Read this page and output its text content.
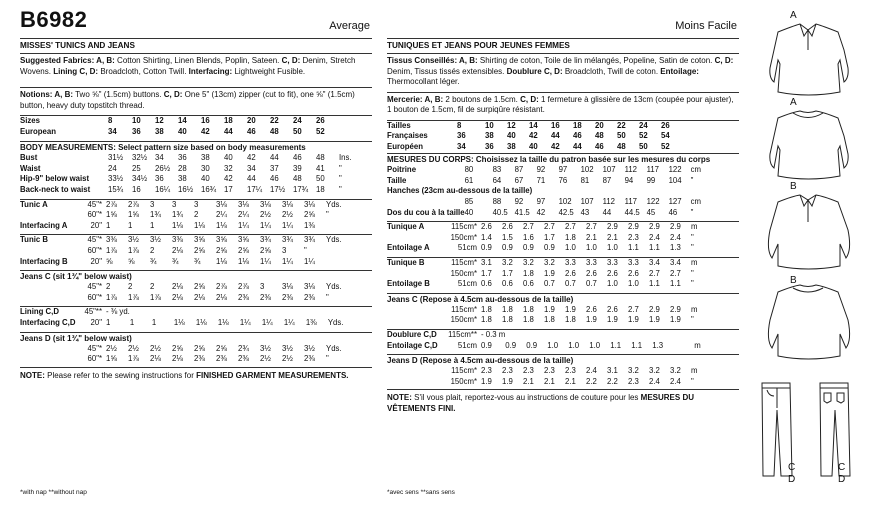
B6982	Average
MISSES' TUNICS AND JEANS
Suggested Fabrics: A, B: Cotton Shirting, Linen Blends, Poplin, Sateen. C, D: Denim, Stretch Wovens. Lining C, D: Broadcloth, Cotton Twill. Interfacing: Lightweight Fusible.
Notions: A, B: Two ⅝" (1.5cm) buttons. C, D: One 5" (13cm) zipper (cut to fit), one ⅝" (1.5cm) button, heavy duty topstitch thread.
Sizes	8	10	12	14	16	18	20	22	24	26
European	34	36	38	40	42	44	46	48	50	52
BODY MEASUREMENTS: Select pattern size based on body measurements
Bust	31½	32½	34	36	38	40	42	44	46	48	Ins.
Waist	24	25	26½	28	30	32	34	37	39	41	"
Hip-9" below waist	33½	34½	36	38	40	42	44	46	48	50	"
Back-neck to waist	15¾	16	16¼	16½	16¾	17	17¼	17½	17¾	18	"
Tunic A	45"*	2⅞	2⅞	3	3	3	3⅛	3⅛	3⅛	3⅛	3⅛	Yds.
	60"*	1⅝	1⅝	1¾	1¾	2	2¼	2¼	2½	2½	2⅝	"
Interfacing A	20"	1	1	1	1⅛	1⅛	1⅛	1¼	1¼	1¼	1⅜	
Tunic B	45"*	3⅜	3½	3½	3⅜	3⅝	3⅝	3⅝	3¾	3¾	3¾	Yds.
	60"*	1⅞	1⅞	2	2⅛	2⅝	2⅝	2⅝	2⅝	3	"	
Interfacing B	20"	⅝	⅝	¾	¾	¾	1⅛	1⅛	1¼	1¼	1¼	
Jeans C (sit 1¾" below waist)
	45"*	2	2	2	2⅛	2⅝	2⅞	2⅞	3	3⅛	3⅛	Yds.
	60"*	1⅞	1⅞	1⅞	2⅛	2⅛	2⅛	2⅜	2⅜	2⅜	2⅜	"
Lining C,D	45"**	- ⅜ yd.										
Interfacing C,D	20"	1	1	1	1⅛	1⅛	1⅛	1¼	1¼	1¼	1⅜	Yds.
Jeans D (sit 1¾" below waist)
	45"*	2½	2½	2½	2⅝	2⅝	2⅝	2¾	3½	3½	3½	Yds.
	60"*	1⅝	1⅞	2⅛	2⅛	2⅜	2⅜	2⅜	2½	2½	2⅜	"
NOTE: Please refer to the sewing instructions for FINISHED GARMENT MEASUREMENTS.
*with nap **without nap
Moins Facile
TUNIQUES ET JEANS POUR JEUNES FEMMES
Tissus Conseillés: A, B: Shirting de coton, Toile de lin mélangés, Popeline, Satin de coton. C, D: Denim, Tissus tissés extensibles. Doublure C, D: Broadcloth, Twill de coton. Entoilage: Thermocollant léger.
Mercerie: A, B: 2 boutons de 1.5cm. C, D: 1 fermeture à glissière de 13cm (coupée pour ajuster), 1 bouton de 1.5cm, fil de surpiqûre résistant.
Tailles	8	10	12	14	16	18	20	22	24	26
Françaises	36	38	40	42	44	46	48	50	52	54
Européen	34	36	38	40	42	44	46	48	50	52
MESURES DU CORPS: Choisissez la taille du patron basée sur les mesures du corps
Poitrine	80	83	87	92	97	102	107	112	117	122	cm
Taille	61	64	67	71	76	81	87	94	99	104	"
Hanches (23cm au-dessous de la taille)											
	85	88	92	97	102	107	112	117	122	127	cm
Dos du cou à la taille	40	40.5	41.5	42	42.5	43	44	44.5	45	46	"
Tunique A	115cm*	2.6	2.6	2.7	2.7	2.7	2.7	2.9	2.9	2.9	2.9	m
	150cm*	1.4	1.5	1.6	1.7	1.8	2.1	2.1	2.3	2.4	2.4	"
Entoilage A	51cm	0.9	0.9	0.9	0.9	1.0	1.0	1.0	1.1	1.1	1.3	"
Tunique B	115cm*	3.1	3.2	3.2	3.2	3.3	3.3	3.3	3.3	3.4	3.4	m
	150cm*	1.7	1.7	1.8	1.9	2.6	2.6	2.6	2.6	2.7	2.7	"
Entoilage B	51cm	0.6	0.6	0.6	0.7	0.7	0.7	1.0	1.0	1.1	1.1	"
Jeans C (Repose à 4.5cm au-dessous de la taille)
	115cm*	1.8	1.8	1.8	1.9	1.9	2.6	2.6	2.7	2.9	2.9	m
	150cm*	1.8	1.8	1.8	1.8	1.8	1.9	1.9	1.9	1.9	1.9	"
Doublure C,D	115cm**	- 0.3 m										
Entoilage C,D	51cm	0.9	0.9	0.9	1.0	1.0	1.0	1.1	1.1	1.3		m
Jeans D (Repose à 4.5cm au-dessous de la taille)
	115cm*	2.3	2.3	2.3	2.3	2.3	2.4	3.1	3.2	3.2	3.2	m
	150cm*	1.9	1.9	2.1	2.1	2.1	2.2	2.2	2.3	2.4	2.4	"
NOTE: S'il vous plait, reportez-vous au instructions de couture pour les MESURES DU VÊTEMENTS FINI.
*avec sens **sans sens
A
A
B
B
C
D
C
D
